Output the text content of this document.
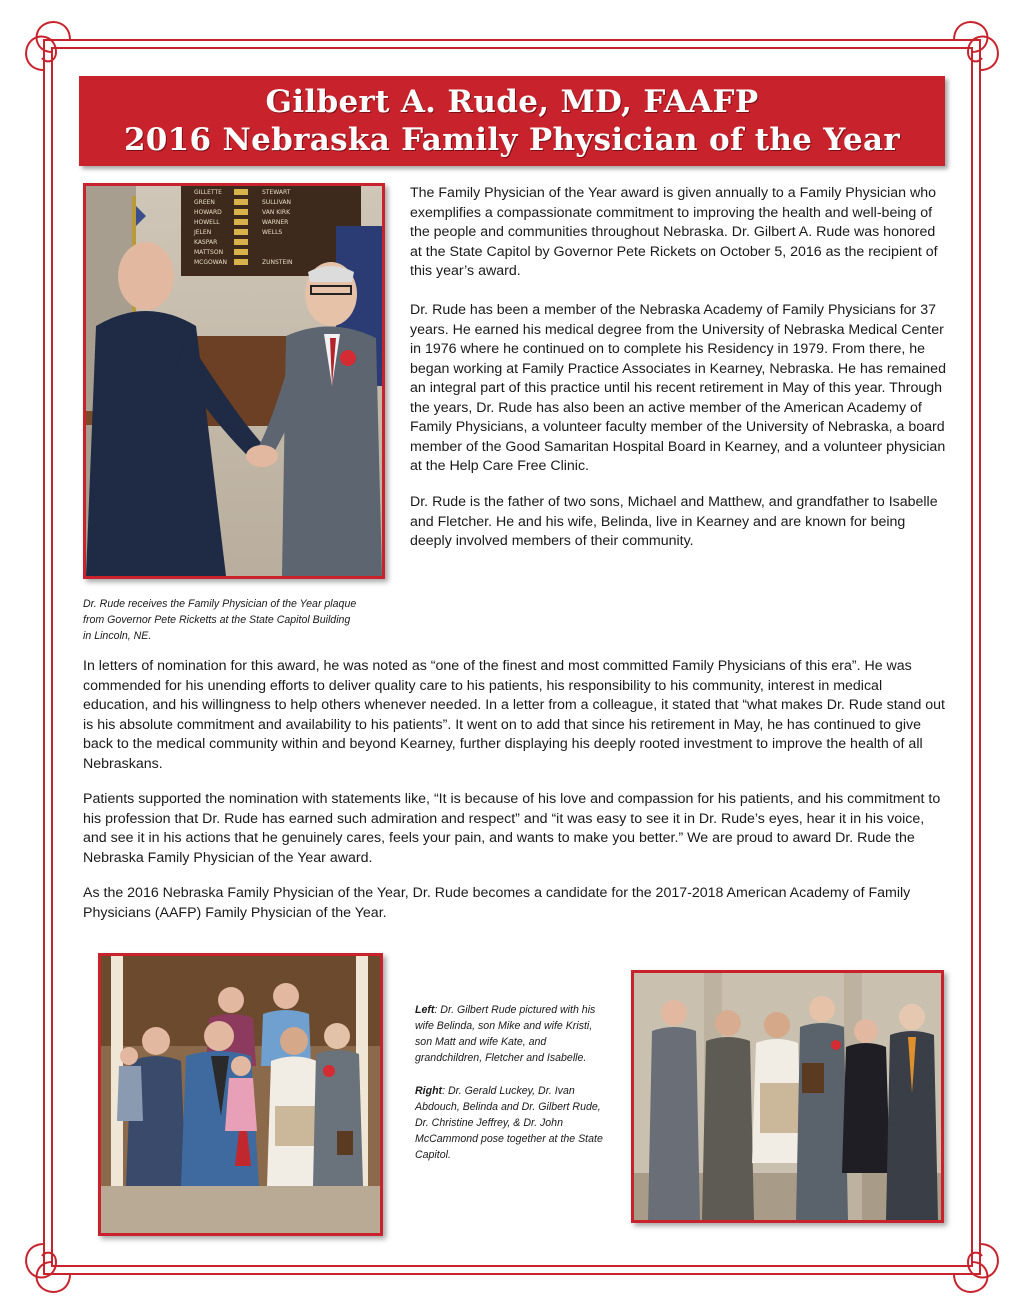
Gilbert A. Rude, MD, FAAFP
2016 Nebraska Family Physician of the Year
GILLETTE
GREEN
HOWARD
HOWELL
JELEN
KASPAR
MATTSON
MCGOWAN
STEWART
SULLIVAN
VAN KIRK
WARNER
WELLS
ZUNSTEIN

Dr. Rude receives the Family Physician of the Year plaque from Governor Pete Ricketts at the State Capitol Building in Lincoln, NE.

The Family Physician of the Year award is given annually to a Family Physician who exemplifies a compassionate commitment to improving the health and well-being of the people and communities throughout Nebraska. Dr. Gilbert A. Rude was honored at the State Capitol by Governor Pete Rickets on October 5, 2016 as the recipient of this year’s award.

Dr. Rude has been a member of the Nebraska Academy of Family Physicians for 37 years. He earned his medical degree from the University of Nebraska Medical Center in 1976 where he continued on to complete his Residency in 1979. From there, he began working at Family Practice Associates in Kearney, Nebraska. He has remained an integral part of this practice until his recent retirement in May of this year. Through the years, Dr. Rude has also been an active member of the American Academy of Family Physicians, a volunteer faculty member of the University of Nebraska, a board member of the Good Samaritan Hospital Board in Kearney, and a volunteer physician at the Help Care Free Clinic.

Dr. Rude is the father of two sons, Michael and Matthew, and grandfather to Isabelle and Fletcher. He and his wife, Belinda, live in Kearney and are known for being deeply involved members of their community.

In letters of nomination for this award, he was noted as “one of the finest and most committed Family Physicians of this era”. He was commended for his unending efforts to deliver quality care to his patients, his responsibility to his community, interest in medical education, and his willingness to help others whenever needed. In a letter from a colleague, it stated that “what makes Dr. Rude stand out is his absolute commitment and availability to his patients”. It went on to add that since his retirement in May, he has continued to give back to the medical community within and beyond Kearney, further displaying his deeply rooted investment to improve the health of all Nebraskans.

Patients supported the nomination with statements like, “It is because of his love and compassion for his patients, and his commitment to his profession that Dr. Rude has earned such admiration and respect” and “it was easy to see it in Dr. Rude’s eyes, hear it in his voice, and see it in his actions that he genuinely cares, feels your pain, and wants to make you better.” We are proud to award Dr. Rude the Nebraska Family Physician of the Year award.

As the 2016 Nebraska Family Physician of the Year, Dr. Rude becomes a candidate for the 2017-2018 American Academy of Family Physicians (AAFP) Family Physician of the Year.

Left: Dr. Gilbert Rude pictured with his wife Belinda, son Mike and wife Kristi, son Matt and wife Kate, and grandchildren, Fletcher and Isabelle.

Right: Dr. Gerald Luckey, Dr. Ivan Abdouch, Belinda and Dr. Gilbert Rude, Dr. Christine Jeffrey, & Dr. John McCammond pose together at the State Capitol.
